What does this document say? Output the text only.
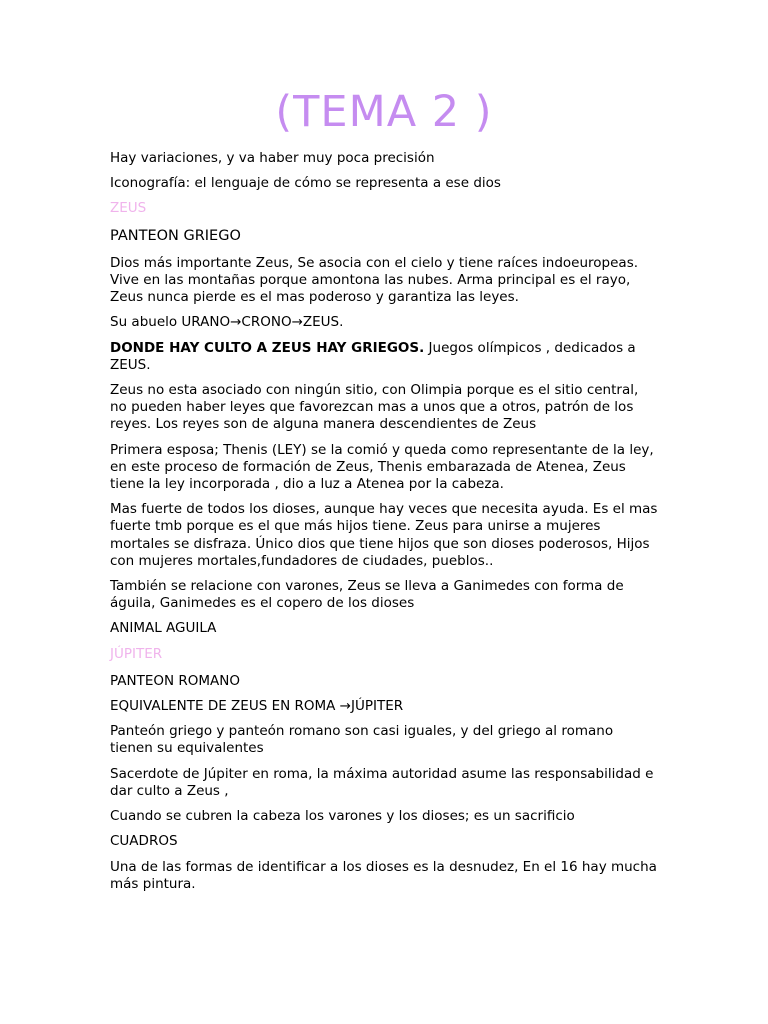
(TEMA 2 )

Hay variaciones, y va haber muy poca precisión

Iconografía: el lenguaje de cómo se representa a ese dios

ZEUS
PANTEON GRIEGO

Dios más importante Zeus, Se asocia con el cielo y tiene raíces indoeuropeas. Vive en las montañas porque amontona las nubes. Arma principal es el rayo, Zeus nunca pierde es el mas poderoso y garantiza las leyes.

Su abuelo URANO→CRONO→ZEUS.

DONDE HAY CULTO A ZEUS HAY GRIEGOS. Juegos olímpicos , dedicados a ZEUS.

Zeus no esta asociado con ningún sitio, con Olimpia porque es el sitio central, no pueden haber leyes que favorezcan mas a unos que a otros, patrón de los reyes. Los reyes son de alguna manera descendientes de Zeus

Primera esposa; Thenis (LEY) se la comió y queda como representante de la ley, en este proceso de formación de Zeus, Thenis embarazada de Atenea, Zeus tiene la ley incorporada , dio a luz a Atenea por la cabeza.

Mas fuerte de todos los dioses, aunque hay veces que necesita ayuda. Es el mas fuerte tmb porque es el que más hijos tiene. Zeus para unirse a mujeres mortales se disfraza. Único dios que tiene hijos que son dioses poderosos, Hijos con mujeres mortales,fundadores de ciudades, pueblos..

También se relacione con varones, Zeus se lleva a Ganimedes con forma de águila, Ganimedes es el copero de los dioses

ANIMAL AGUILA

JÚPITER

PANTEON ROMANO

EQUIVALENTE DE ZEUS EN ROMA →JÚPITER

Panteón griego y panteón romano son casi iguales, y del griego al romano tienen su equivalentes

Sacerdote de Júpiter en roma, la máxima autoridad asume las responsabilidad e dar culto a Zeus ,

Cuando se cubren la cabeza los varones y los dioses; es un sacrificio

CUADROS

Una de las formas de identificar a los dioses es la desnudez, En el 16 hay mucha más pintura.
